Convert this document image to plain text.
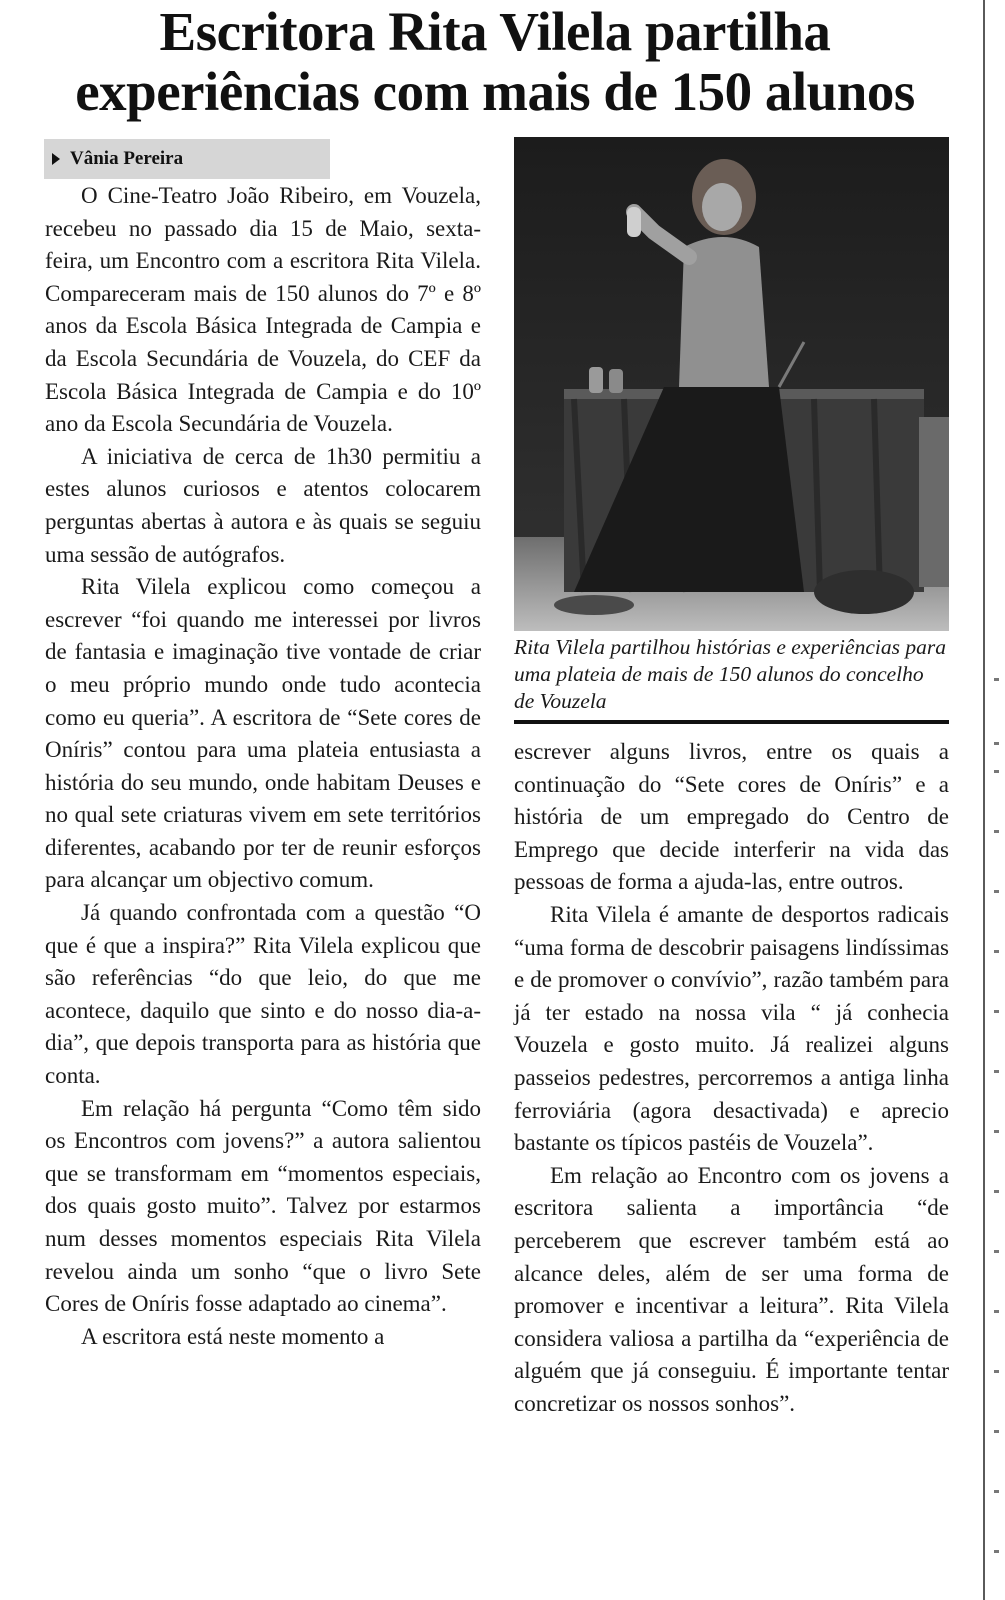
Escritora Rita Vilela partilha
experiências com mais de 150 alunos
Vânia Pereira

O Cine-Teatro João Ribeiro, em Vouzela, recebeu no passado dia 15 de Maio, sexta-feira, um Encontro com a escritora Rita Vilela. Compareceram mais de 150 alunos do 7º e 8º anos da Escola Básica Integrada de Campia e da Escola Secundária de Vouzela, do CEF da Escola Básica Integrada de Campia e do 10º ano da Escola Secundária de Vouzela.

A iniciativa de cerca de 1h30 permitiu a estes alunos curiosos e atentos colocarem perguntas abertas à autora e às quais se seguiu uma sessão de autógrafos.

Rita Vilela explicou como começou a escrever “foi quando me interessei por livros de fantasia e imaginação tive vontade de criar o meu próprio mundo onde tudo acontecia como eu queria”. A escritora de “Sete cores de Oníris” contou para uma plateia entusiasta a história do seu mundo, onde habitam Deuses e no qual sete criaturas vivem em sete territórios diferentes, acabando por ter de reunir esforços para alcançar um objectivo comum.

Já quando confrontada com a questão “O que é que a inspira?” Rita Vilela explicou que são referências “do que leio, do que me acontece, daquilo que sinto e do nosso dia-a-dia”, que depois transporta para as história que conta.

Em relação há pergunta “Como têm sido os Encontros com jovens?” a autora salientou que se transformam em “momentos especiais, dos quais gosto muito”. Talvez por estarmos num desses momentos especiais Rita Vilela revelou ainda um sonho “que o livro Sete Cores de Oníris fosse adaptado ao cinema”.

A escritora está neste momento a

Rita Vilela partilhou histórias e experiências para uma plateia de mais de 150 alunos do concelho de Vouzela

escrever alguns livros, entre os quais a continuação do “Sete cores de Oníris” e a história de um empregado do Centro de Emprego que decide interferir na vida das pessoas de forma a ajuda-las, entre outros.

Rita Vilela é amante de desportos radicais “uma forma de descobrir paisagens lindíssimas e de promover o convívio”, razão também para já ter estado na nossa vila “ já conhecia Vouzela e gosto muito. Já realizei alguns passeios pedestres, percorremos a antiga linha ferroviária (agora desactivada) e aprecio bastante os típicos pastéis de Vouzela”.

Em relação ao Encontro com os jovens a escritora salienta a importância “de perceberem que escrever também está ao alcance deles, além de ser uma forma de promover e incentivar a leitura”. Rita Vilela considera valiosa a partilha da “experiência de alguém que já conseguiu. É importante tentar concretizar os nossos sonhos”.
